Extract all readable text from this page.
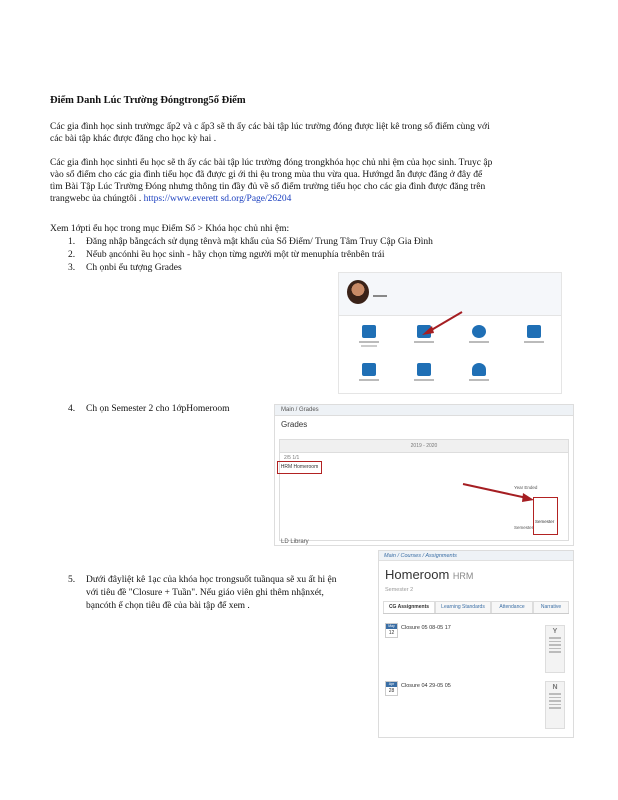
Điểm Danh Lúc Trường Đóngtrong5ổ Điểm
Các gia đình học sinh trườngc ấp2 và c ấp3 sẽ th ấy các bài tập lúc trường đóng được liệt kê trong sổ điểm cùng với
các bài tập khác được đăng cho học kỳ hai .
Các gia đình học sinhti ểu học sẽ th ấy các bài tập lúc trường đóng trongkhóa học chủ nhi ệm của học sinh. Truyc ập
vào sổ điểm cho các gia đình tiểu học đã được gi ới thi ệu trong mùa thu vừa qua. Hướngd ẫn được đăng ở đây để
tìm Bài Tập Lúc Trường Đóng nhưng thông tin đầy đủ về sổ điểm trường tiểu học cho các gia đình được đăng trên
trangwebc ủa chúngtôi . https://www.everett sd.org/Page/26204
Xem 1ớpti ểu học trong mục Điểm Số > Khóa học chủ nhi ệm:
1. Đăng nhập bằngcách sử dụng tênvà mật khẩu của Sổ Điểm/ Trung Tâm Truy Cập Gia Đình
2. Nếub ạncónhi ều học sinh - hãy chọn từng người một từ menuphía trênbên trái
3. Ch ọnbi ểu tượng Grades
4. Ch ọn Semester 2 cho 1ớpHomeroom
5. Dưới đâyliệt kê 1ạc của khóa học trongsuốt tuầnqua sẽ xu ất hi ện
với tiêu đề "Closure + Tuần". Nếu giáo viên ghi thêm nhậnxét,
bạncóth ể chọn tiêu đề của bài tập để xem .
Main / Grades
Grades
2019 - 2020
2/5 1/1
Year Ended
Semester
HRM Homeroom
Semester
LD Library
Main / Courses / Assignments
Homeroom HRM
Semester 2
CG Assignments	Learning Standards	Attendance	Narrative
May
12
Closure 05 08-05 17
Apr
28
Closure 04 29-05 05
Y
N
